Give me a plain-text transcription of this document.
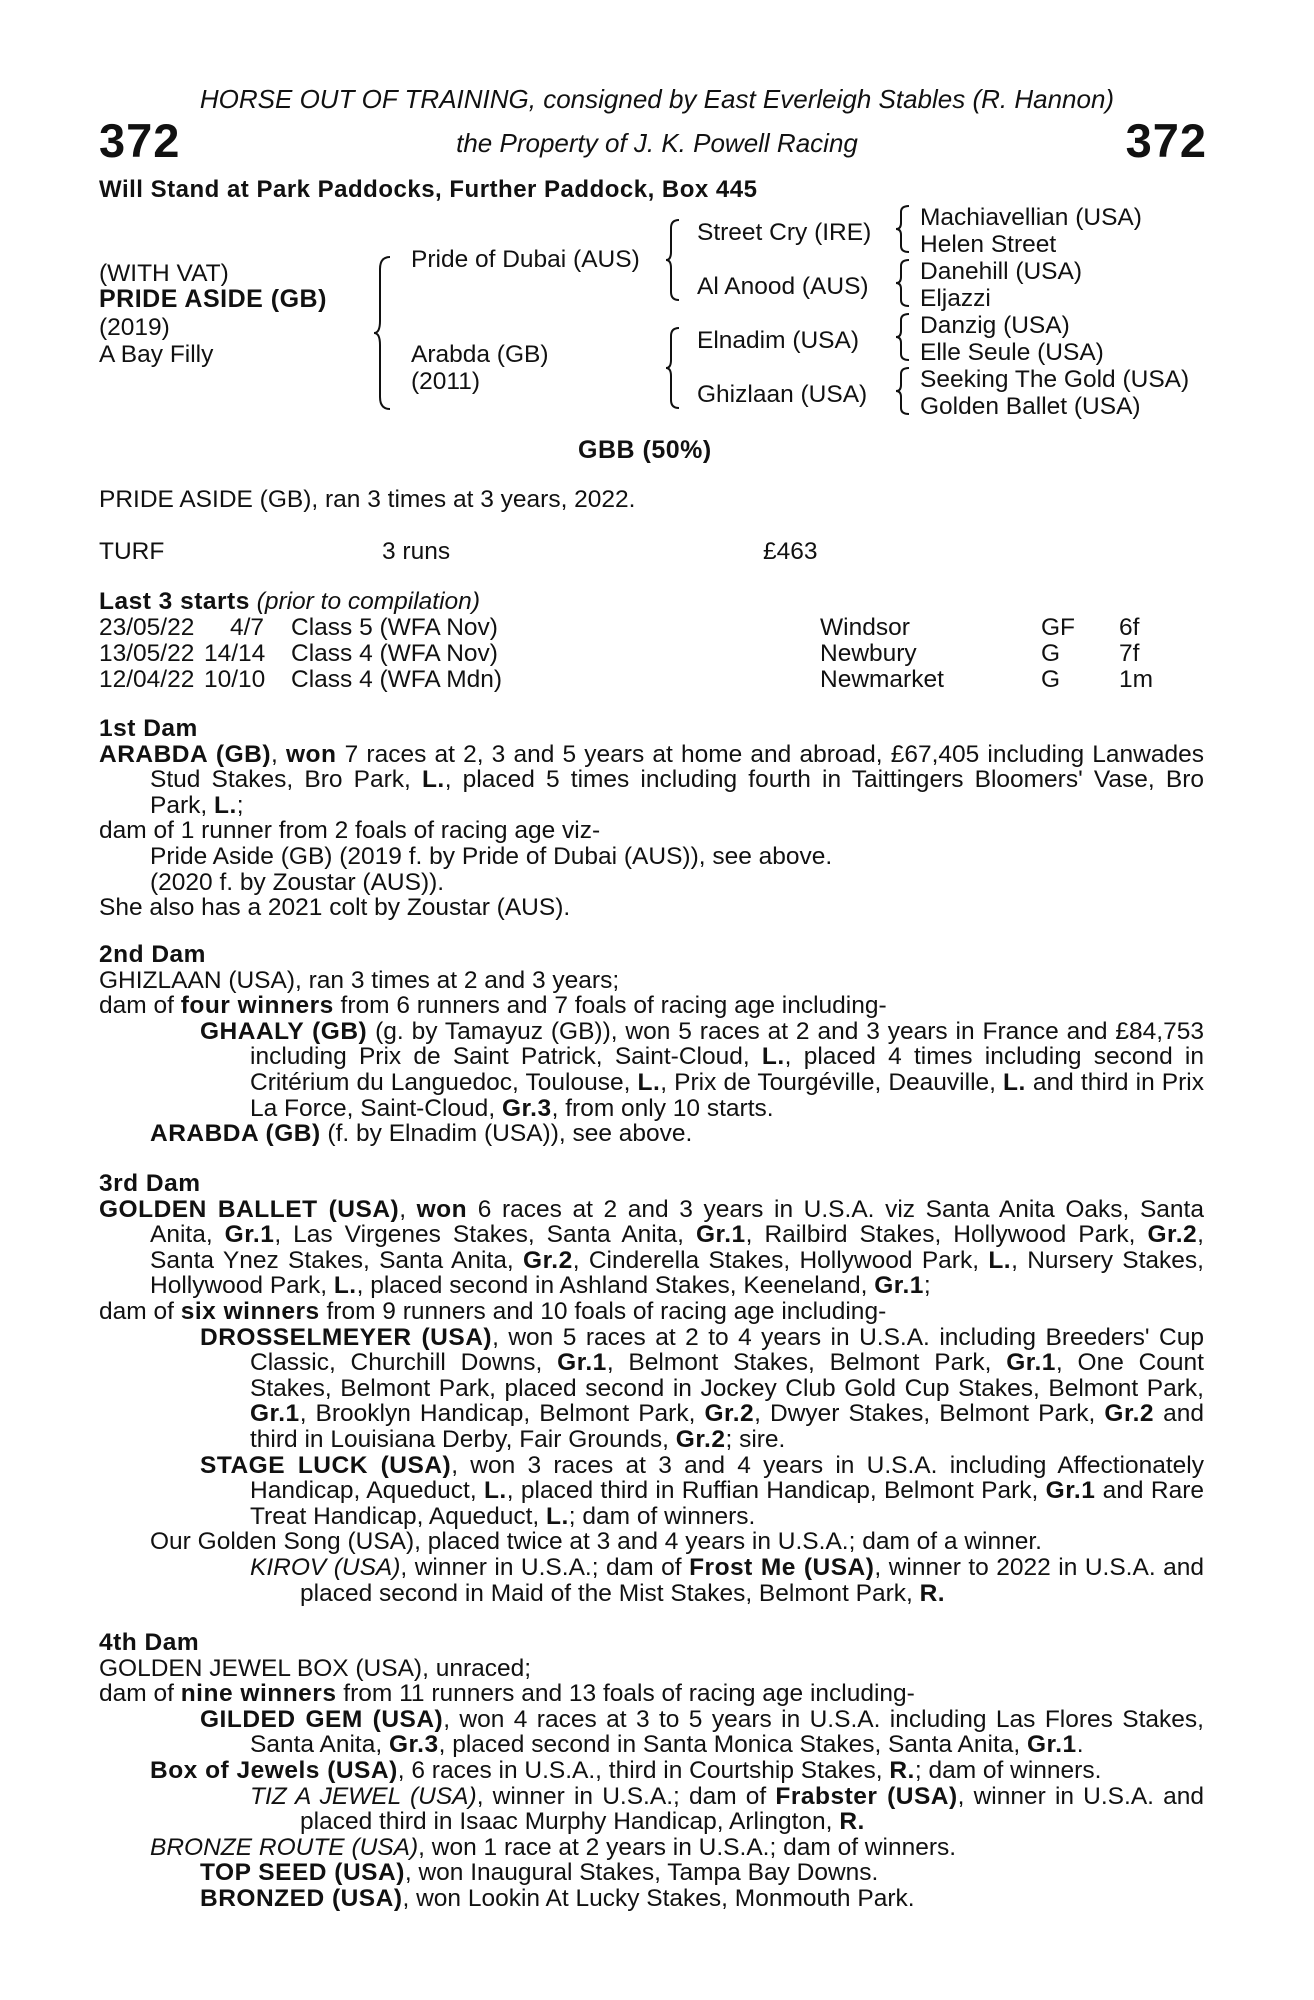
HORSE OUT OF TRAINING, consigned by East Everleigh Stables (R. Hannon)
372	the Property of J. K. Powell Racing	372
Will Stand at Park Paddocks, Further Paddock, Box 445
(WITH VAT)
PRIDE ASIDE (GB)
(2019)
A Bay Filly
Pride of Dubai (AUS)
Arabda (GB)
(2011)
Street Cry (IRE)
Al Anood (AUS)
Elnadim (USA)
Ghizlaan (USA)
Machiavellian (USA)
Helen Street
Danehill (USA)
Eljazzi
Danzig (USA)
Elle Seule (USA)
Seeking The Gold (USA)
Golden Ballet (USA)
GBB (50%)
PRIDE ASIDE (GB), ran 3 times at 3 years, 2022.
TURF	3 runs	£463
Last 3 starts (prior to compilation)
23/05/22 4/7 Class 5 (WFA Nov)	Windsor	GF 6f
13/05/22 14/14 Class 4 (WFA Nov)	Newbury	G 7f
12/04/22 10/10 Class 4 (WFA Mdn)	Newmarket	G 1m

1st Dam

ARABDA (GB), won 7 races at 2, 3 and 5 years at home and abroad, £67,405 including Lanwades Stud Stakes, Bro Park, L., placed 5 times including fourth in Taittingers Bloomers' Vase, Bro Park, L.;

dam of 1 runner from 2 foals of racing age viz-

Pride Aside (GB) (2019 f. by Pride of Dubai (AUS)), see above.

(2020 f. by Zoustar (AUS)).

She also has a 2021 colt by Zoustar (AUS).

2nd Dam

GHIZLAAN (USA), ran 3 times at 2 and 3 years;

dam of four winners from 6 runners and 7 foals of racing age including-

GHAALY (GB) (g. by Tamayuz (GB)), won 5 races at 2 and 3 years in France and £84,753 including Prix de Saint Patrick, Saint-Cloud, L., placed 4 times including second in Critérium du Languedoc, Toulouse, L., Prix de Tourgéville, Deauville, L. and third in Prix La Force, Saint-Cloud, Gr.3, from only 10 starts.

ARABDA (GB) (f. by Elnadim (USA)), see above.

3rd Dam

GOLDEN BALLET (USA), won 6 races at 2 and 3 years in U.S.A. viz Santa Anita Oaks, Santa Anita, Gr.1, Las Virgenes Stakes, Santa Anita, Gr.1, Railbird Stakes, Hollywood Park, Gr.2, Santa Ynez Stakes, Santa Anita, Gr.2, Cinderella Stakes, Hollywood Park, L., Nursery Stakes, Hollywood Park, L., placed second in Ashland Stakes, Keeneland, Gr.1;

dam of six winners from 9 runners and 10 foals of racing age including-

DROSSELMEYER (USA), won 5 races at 2 to 4 years in U.S.A. including Breeders' Cup Classic, Churchill Downs, Gr.1, Belmont Stakes, Belmont Park, Gr.1, One Count Stakes, Belmont Park, placed second in Jockey Club Gold Cup Stakes, Belmont Park, Gr.1, Brooklyn Handicap, Belmont Park, Gr.2, Dwyer Stakes, Belmont Park, Gr.2 and third in Louisiana Derby, Fair Grounds, Gr.2; sire.

STAGE LUCK (USA), won 3 races at 3 and 4 years in U.S.A. including Affectionately Handicap, Aqueduct, L., placed third in Ruffian Handicap, Belmont Park, Gr.1 and Rare Treat Handicap, Aqueduct, L.; dam of winners.

Our Golden Song (USA), placed twice at 3 and 4 years in U.S.A.; dam of a winner.

KIROV (USA), winner in U.S.A.; dam of Frost Me (USA), winner to 2022 in U.S.A. and placed second in Maid of the Mist Stakes, Belmont Park, R.

4th Dam

GOLDEN JEWEL BOX (USA), unraced;

dam of nine winners from 11 runners and 13 foals of racing age including-

GILDED GEM (USA), won 4 races at 3 to 5 years in U.S.A. including Las Flores Stakes, Santa Anita, Gr.3, placed second in Santa Monica Stakes, Santa Anita, Gr.1.

Box of Jewels (USA), 6 races in U.S.A., third in Courtship Stakes, R.; dam of winners.

TIZ A JEWEL (USA), winner in U.S.A.; dam of Frabster (USA), winner in U.S.A. and placed third in Isaac Murphy Handicap, Arlington, R.

BRONZE ROUTE (USA), won 1 race at 2 years in U.S.A.; dam of winners.

TOP SEED (USA), won Inaugural Stakes, Tampa Bay Downs.

BRONZED (USA), won Lookin At Lucky Stakes, Monmouth Park.
